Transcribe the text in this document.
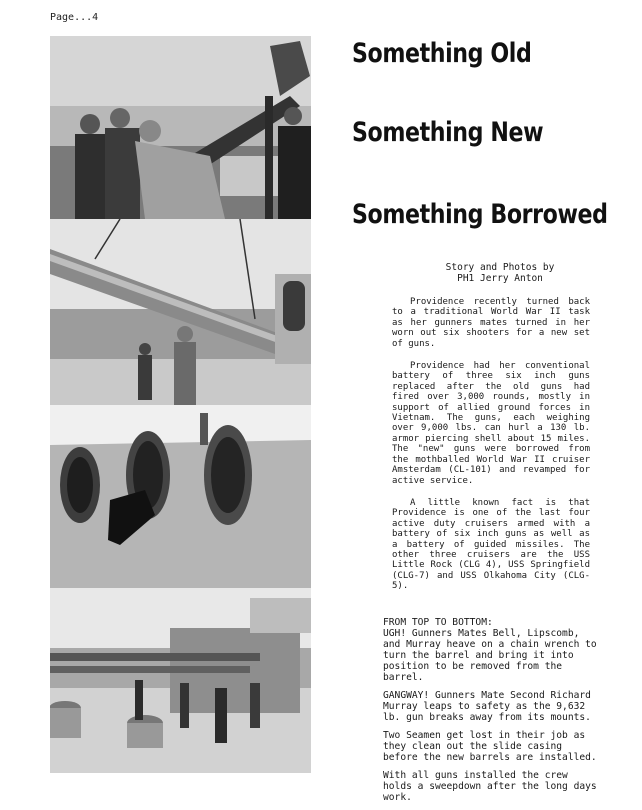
Page...4
Something Old
Something New
Something Borrowed
Story and Photos by
PH1 Jerry Anton

Providence recently turned back to a traditional World War II task as her gunners mates turned in her worn out six shooters for a new set of guns.

Providence had her conventional battery of three six inch guns replaced after the old guns had fired over 3,000 rounds, mostly in support of allied ground forces in Vietnam. The guns, each weighing over 9,000 lbs. can hurl a 130 lb. armor piercing shell about 15 miles. The "new" guns were borrowed from the mothballed World War II cruiser Amsterdam (CL-101) and revamped for active service.

A little known fact is that Providence is one of the last four active duty cruisers armed with a battery of six inch guns as well as a battery of guided missiles. The other three cruisers are the USS Little Rock (CLG 4), USS Springfield (CLG-7) and USS Olkahoma City (CLG-5).

FROM TOP TO BOTTOM:

UGH! Gunners Mates Bell, Lipscomb, and Murray heave on a chain wrench to turn the barrel and bring it into position to be removed from the barrel.

GANGWAY! Gunners Mate Second Richard Murray leaps to safety as the 9,632 lb. gun breaks away from its mounts.

Two Seamen get lost in their job as they clean out the slide casing before the new barrels are installed.

With all guns installed the crew holds a sweepdown after the long days work.
